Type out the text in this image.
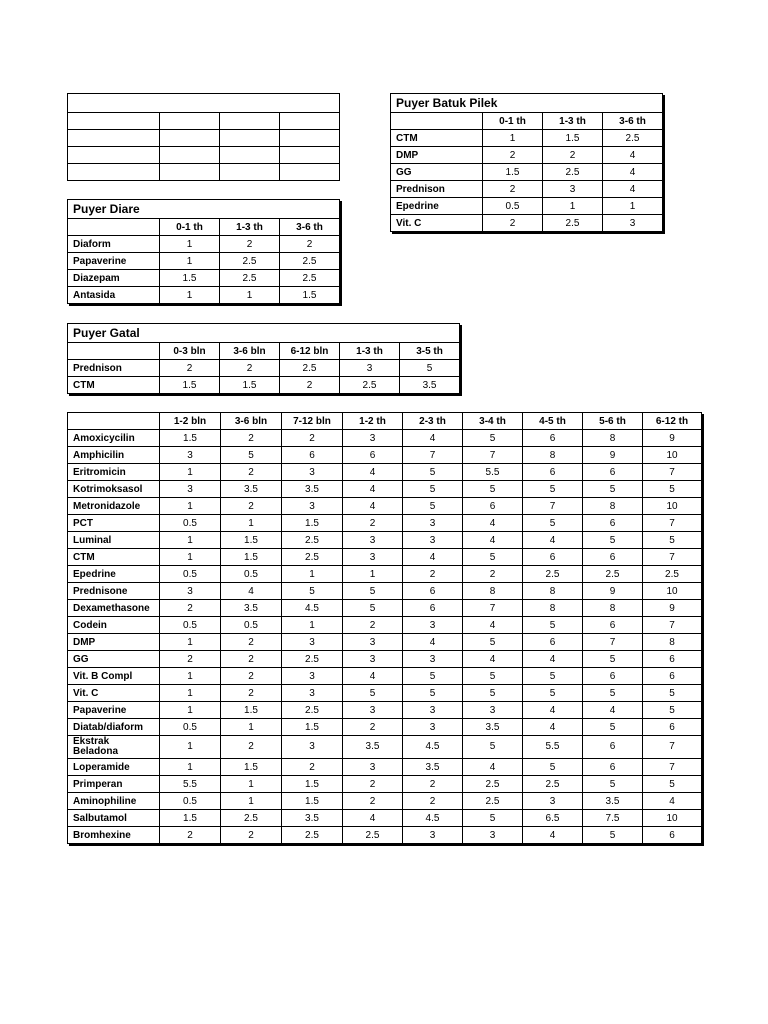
Puyer Diare			
	0-1 th	1-3 th	3-6 th
Diaform	1	2	2
Papaverine	1	2.5	2.5
Diazepam	1.5	2.5	2.5
Antasida	1	1	1.5
Puyer Batuk Pilek			
	0-1 th	1-3 th	3-6 th
CTM	1	1.5	2.5
DMP	2	2	4
GG	1.5	2.5	4
Prednison	2	3	4
Epedrine	0.5	1	1
Vit. C	2	2.5	3
Puyer Gatal					
	0-3 bln	3-6 bln	6-12 bln	1-3 th	3-5 th
Prednison	2	2	2.5	3	5
CTM	1.5	1.5	2	2.5	3.5
	1-2 bln	3-6 bln	7-12 bln	1-2 th	2-3 th	3-4 th	4-5 th	5-6 th	6-12 th
Amoxicycilin	1.5	2	2	3	4	5	6	8	9
Amphicilin	3	5	6	6	7	7	8	9	10
Eritromicin	1	2	3	4	5	5.5	6	6	7
Kotrimoksasol	3	3.5	3.5	4	5	5	5	5	5
Metronidazole	1	2	3	4	5	6	7	8	10
PCT	0.5	1	1.5	2	3	4	5	6	7
Luminal	1	1.5	2.5	3	3	4	4	5	5
CTM	1	1.5	2.5	3	4	5	6	6	7
Epedrine	0.5	0.5	1	1	2	2	2.5	2.5	2.5
Prednisone	3	4	5	5	6	8	8	9	10
Dexamethasone	2	3.5	4.5	5	6	7	8	8	9
Codein	0.5	0.5	1	2	3	4	5	6	7
DMP	1	2	3	3	4	5	6	7	8
GG	2	2	2.5	3	3	4	4	5	6
Vit. B Compl	1	2	3	4	5	5	5	6	6
Vit. C	1	2	3	5	5	5	5	5	5
Papaverine	1	1.5	2.5	3	3	3	4	4	5
Diatab/diaform	0.5	1	1.5	2	3	3.5	4	5	6
Ekstrak Beladona	1	2	3	3.5	4.5	5	5.5	6	7
Loperamide	1	1.5	2	3	3.5	4	5	6	7
Primperan	5.5	1	1.5	2	2	2.5	2.5	5	5
Aminophiline	0.5	1	1.5	2	2	2.5	3	3.5	4
Salbutamol	1.5	2.5	3.5	4	4.5	5	6.5	7.5	10
Bromhexine	2	2	2.5	2.5	3	3	4	5	6
